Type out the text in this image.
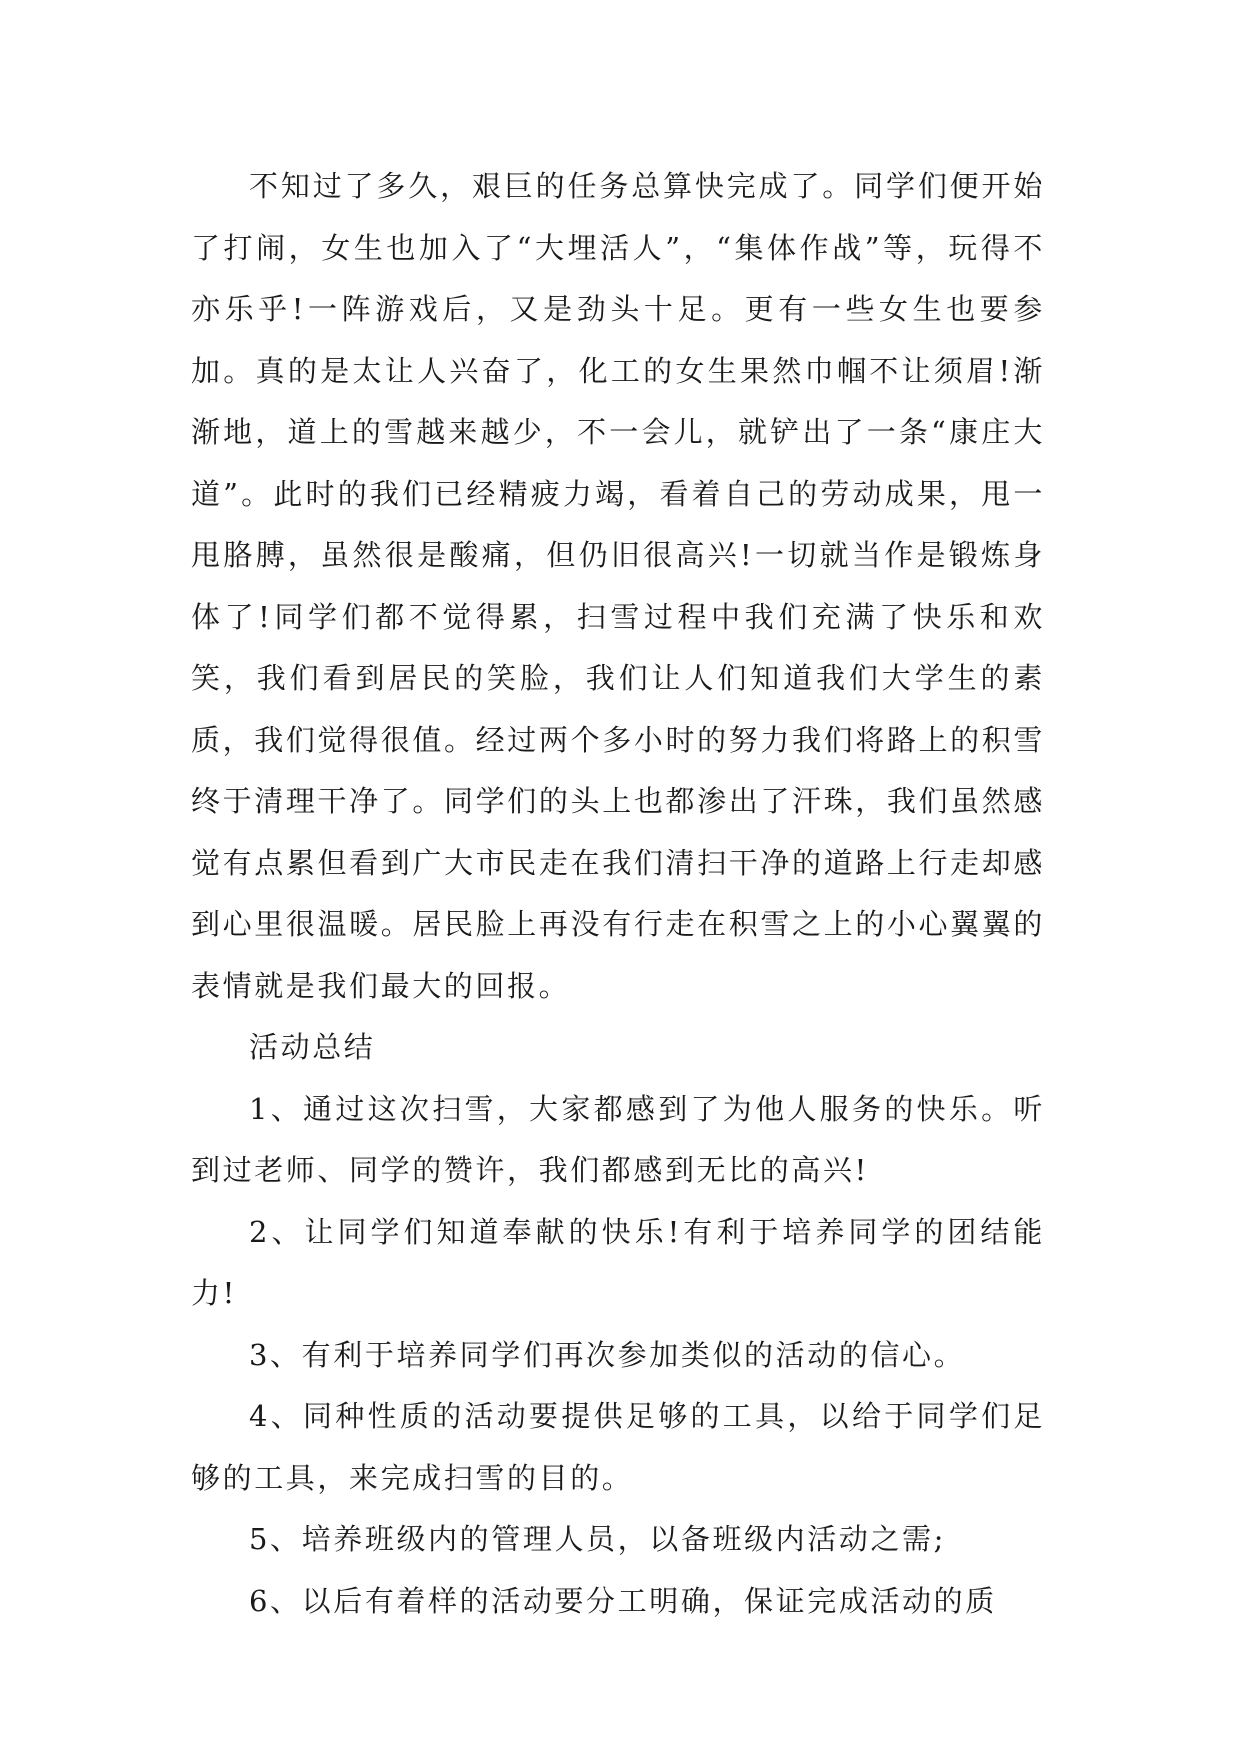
不知过了多久，艰巨的任务总算快完成了。同学们便开始了打闹，女生也加入了“大埋活人”，“集体作战”等，玩得不亦乐乎!一阵游戏后，又是劲头十足。更有一些女生也要参加。真的是太让人兴奋了，化工的女生果然巾帼不让须眉!渐渐地，道上的雪越来越少，不一会儿，就铲出了一条“康庄大道”。此时的我们已经精疲力竭，看着自己的劳动成果，甩一甩胳膊，虽然很是酸痛，但仍旧很高兴!一切就当作是锻炼身体了!同学们都不觉得累，扫雪过程中我们充满了快乐和欢笑，我们看到居民的笑脸，我们让人们知道我们大学生的素质，我们觉得很值。经过两个多小时的努力我们将路上的积雪终于清理干净了。同学们的头上也都渗出了汗珠，我们虽然感觉有点累但看到广大市民走在我们清扫干净的道路上行走却感到心里很温暖。居民脸上再没有行走在积雪之上的小心翼翼的表情就是我们最大的回报。

活动总结

1、通过这次扫雪，大家都感到了为他人服务的快乐。听到过老师、同学的赞许，我们都感到无比的高兴!

2、让同学们知道奉献的快乐!有利于培养同学的团结能力!

3、有利于培养同学们再次参加类似的活动的信心。

4、同种性质的活动要提供足够的工具，以给于同学们足够的工具，来完成扫雪的目的。

5、培养班级内的管理人员，以备班级内活动之需;

6、以后有着样的活动要分工明确，保证完成活动的质
